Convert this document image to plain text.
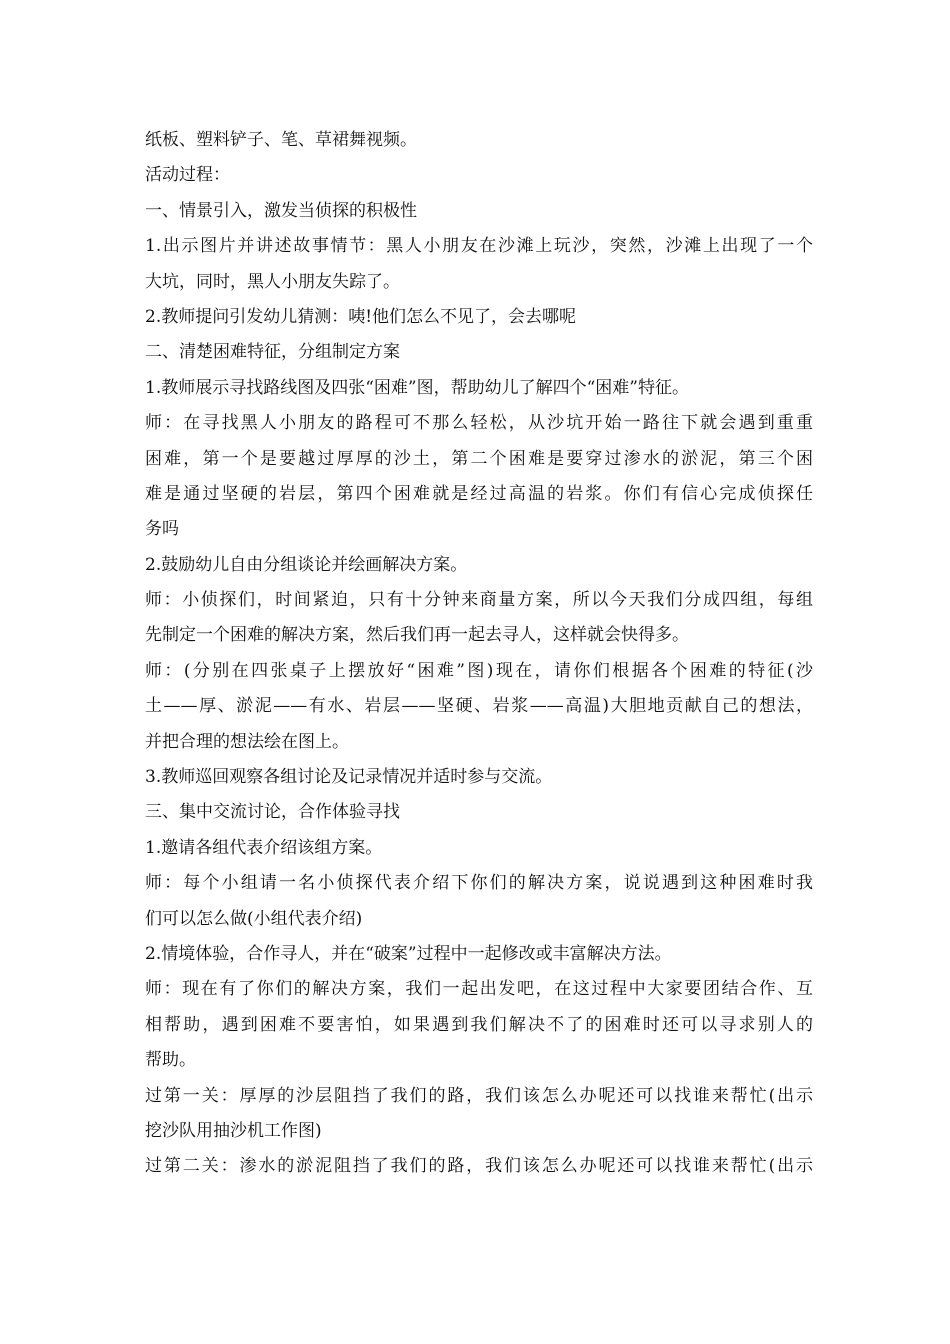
纸板、塑料铲子、笔、草裙舞视频。
活动过程：
一、情景引入，激发当侦探的积极性
1.出示图片并讲述故事情节：黑人小朋友在沙滩上玩沙，突然，沙滩上出现了一个
大坑，同时，黑人小朋友失踪了。
2.教师提问引发幼儿猜测：咦!他们怎么不见了，会去哪呢
二、清楚困难特征，分组制定方案
1.教师展示寻找路线图及四张“困难”图，帮助幼儿了解四个“困难”特征。
师：在寻找黑人小朋友的路程可不那么轻松，从沙坑开始一路往下就会遇到重重
困难，第一个是要越过厚厚的沙土，第二个困难是要穿过渗水的淤泥，第三个困
难是通过坚硬的岩层，第四个困难就是经过高温的岩浆。你们有信心完成侦探任
务吗
2.鼓励幼儿自由分组谈论并绘画解决方案。
师：小侦探们，时间紧迫，只有十分钟来商量方案，所以今天我们分成四组，每组
先制定一个困难的解决方案，然后我们再一起去寻人，这样就会快得多。
师：(分别在四张桌子上摆放好“困难”图)现在，请你们根据各个困难的特征(沙
土——厚、淤泥——有水、岩层——坚硬、岩浆——高温)大胆地贡献自己的想法，
并把合理的想法绘在图上。
3.教师巡回观察各组讨论及记录情况并适时参与交流。
三、集中交流讨论，合作体验寻找
1.邀请各组代表介绍该组方案。
师：每个小组请一名小侦探代表介绍下你们的解决方案，说说遇到这种困难时我
们可以怎么做(小组代表介绍)
2.情境体验，合作寻人，并在“破案”过程中一起修改或丰富解决方法。
师：现在有了你们的解决方案，我们一起出发吧，在这过程中大家要团结合作、互
相帮助，遇到困难不要害怕，如果遇到我们解决不了的困难时还可以寻求别人的
帮助。
过第一关：厚厚的沙层阻挡了我们的路，我们该怎么办呢还可以找谁来帮忙(出示
挖沙队用抽沙机工作图)
过第二关：渗水的淤泥阻挡了我们的路，我们该怎么办呢还可以找谁来帮忙(出示
